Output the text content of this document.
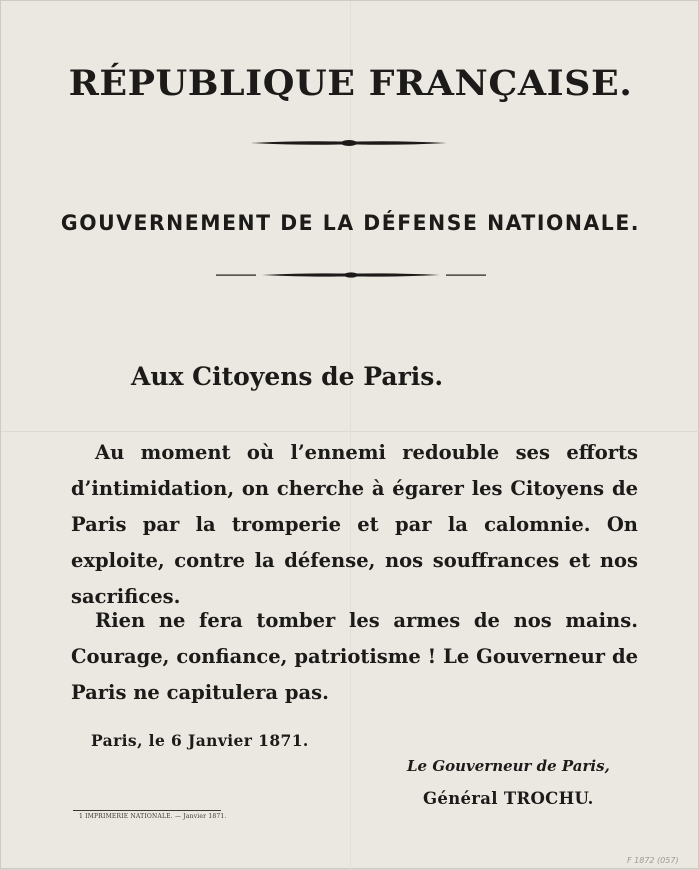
RÉPUBLIQUE FRANÇAISE.
GOUVERNEMENT DE LA DÉFENSE NATIONALE.
Aux Citoyens de Paris.

Au moment où l’ennemi redouble ses efforts d’intimidation, on cherche à égarer les Citoyens de Paris par la tromperie et par la calomnie. On exploite, contre la défense, nos souffrances et nos sacrifices.

Rien ne fera tomber les armes de nos mains. Courage, confiance, patriotisme ! Le Gouverneur de Paris ne capitulera pas.

Paris, le 6 Janvier 1871.
Le Gouverneur de Paris,
Général TROCHU.
1 IMPRIMERIE NATIONALE. — Janvier 1871.
F 1872 (057)
